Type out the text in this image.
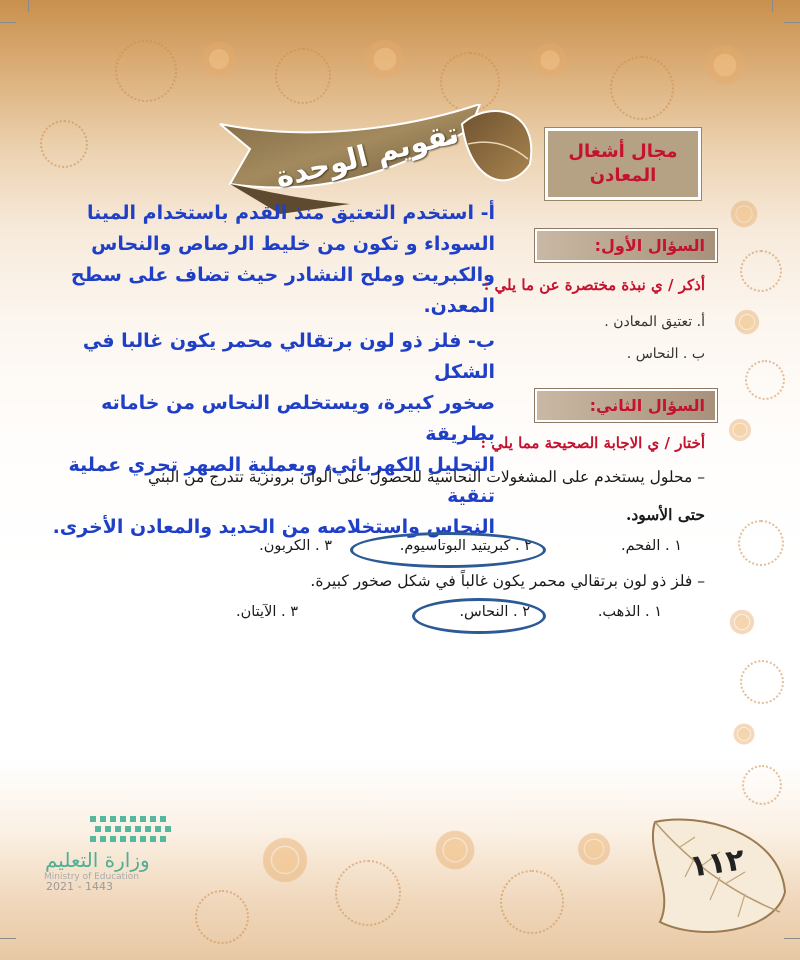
تقويم الوحدة	مجال أشغال
المعادن
أ- استخدم التعتيق منذ القدم باستخدام المينا
السوداء و تكون من خليط الرصاص والنحاس
والكبريت وملح النشادر حيث تضاف على سطح
المعدن.
السؤال الأول:
أذكر / ي نبذة مختصرة عن ما يلي :
أ. تعتيق المعادن .
ب . النحاس .
ب- فلز ذو لون برتقالي محمر يكون غالبا في الشكل
صخور كبيرة، ويستخلص النحاس من خاماته بطريقة
التحليل الكهربائي، وبعملية الصهر تجري عملية تنقية
النحاس واستخلاصه من الحديد والمعادن الأخرى.
السؤال الثاني:
أختار / ي الاجابة الصحيحة مما يلي :
– محلول يستخدم على المشغولات النحاسية للحصول على ألوان برونزية تتدرج من البني
حتى الأسود.
١ . الفحم.
٢ . كبريتيد البوتاسيوم.
٣ . الكربون.
– فلز ذو لون برتقالي محمر يكون غالباً في شكل صخور كبيرة.
١ . الذهب.
٢ . النحاس.
٣ . الآيتان.
وزارة التعليم
Ministry of Education
2021 - 1443
١١٢
